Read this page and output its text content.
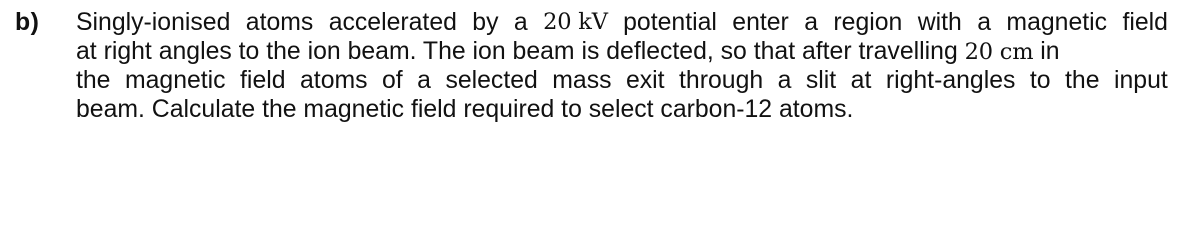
b) Singly-ionised atoms accelerated by a 20 kV potential enter a region with a magnetic field
at right angles to the ion beam. The ion beam is deflected, so that after travelling 20 cm in
the magnetic field atoms of a selected mass exit through a slit at right-angles to the input
beam. Calculate the magnetic field required to select carbon-12 atoms.
